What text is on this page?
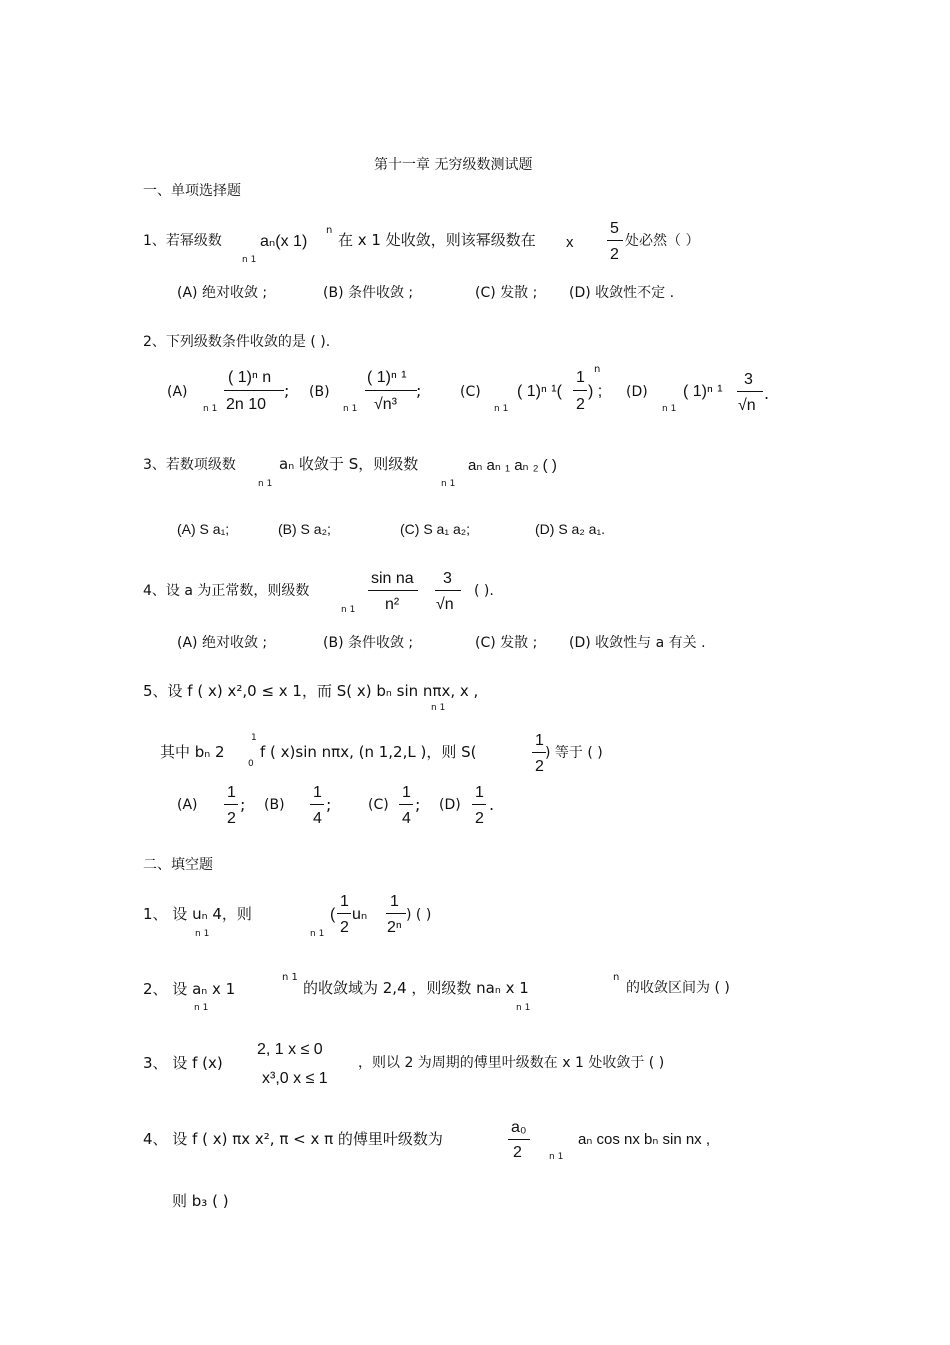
第十一章 无穷级数测试题
一、单项选择题
1、若幂级数 aₙ(x 1)
n
n 1
在 x 1 处收敛，则该幂级数在 x
5
2
处必然（ ）
(A) 绝对收敛 ;	(B) 条件收敛 ;	(C) 发散 ; (D) 收敛性不定 .
2、下列级数条件收敛的是 ( ).
(A)
( 1)ⁿ n
2n 10
;
n 1
(B)
( 1)ⁿ ¹
√n³
;
n 1
(C) ( 1)ⁿ ¹(
1
2
) ;
n
n 1
(D) ( 1)ⁿ ¹
3
√n
.
n 1
3、若数项级数	aₙ 收敛于 S，则级数
n 1
aₙ aₙ ₁ aₙ ₂ ( )
n 1
(A) S a₁;	(B) S a₂;	(C) S a₁ a₂;	(D) S a₂ a₁.
4、设 a 为正常数，则级数
sin na
n²
3
√n
n 1
( ).
(A) 绝对收敛 ;	(B) 条件收敛 ;	(C) 发散 ; (D) 收敛性与 a 有关 .
5、设 f ( x) x²,0 ≤ x 1，而 S( x) bₙ sin nπx, x ,
n 1
其中 bₙ 2
1
0
f ( x)sin nπx, (n 1,2,L )，则 S(
1
2
) 等于 ( )
(A)
1
2
; (B)
1
4
;	(C)
1
4
; (D)
1
2
.
二、填空题
1、 设 uₙ 4，则
n 1	n 1
(
1
2
uₙ
1
2ⁿ
) ( )
2、 设 aₙ x 1
n 1
的收敛域为 2,4 ，则级数 naₙ x 1
n
的收敛区间为 ( )
n 1	n 1
3、 设 f (x)
2, 1 x ≤ 0
x³,0 x ≤ 1
，则以 2 为周期的傅里叶级数在 x 1 处收敛于 ( )
4、 设 f ( x) πx x², π < x π 的傅里叶级数为
a₀
2	n 1
aₙ cos nx bₙ sin nx ,
则 b₃ ( )
